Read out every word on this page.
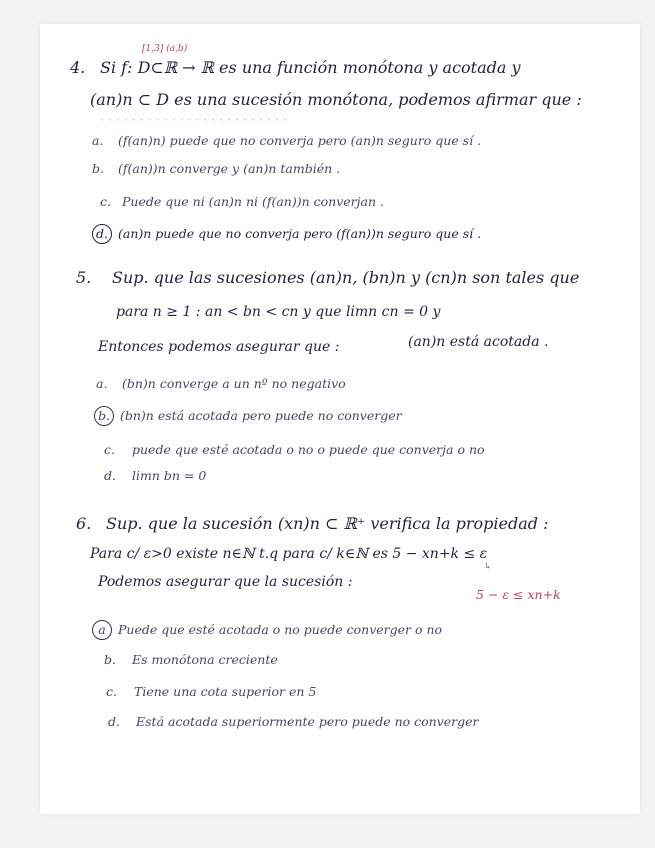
[1,3] (a,b)
4. Si f: D⊂ℝ → ℝ es una función monótona y acotada y
(an)n ⊂ D es una sucesión monótona, podemos afirmar que :
· · · · · · · · · · · · · · · · · · · · · · · ·
a. (f(an)n) puede que no converja pero (an)n seguro que sí .
b. (f(an))n converge y (an)n también .
c. Puede que ni (an)n ni (f(an))n converjan .
d. (an)n puede que no converja pero (f(an))n seguro que sí .
5. Sup. que las sucesiones (an)n, (bn)n y (cn)n son tales que
para n ≥ 1 : an < bn < cn y que limn cn = 0 y
Entonces podemos asegurar que :	(an)n está acotada .
a. (bn)n converge a un nº no negativo
b. (bn)n está acotada pero puede no converger
c. puede que esté acotada o no o puede que converja o no
d. limn bn = 0
6. Sup. que la sucesión (xn)n ⊂ ℝ⁺ verifica la propiedad :
Para c/ ε>0 existe n∈ℕ t.q para c/ k∈ℕ es 5 − xn+k ≤ ε
↳
Podemos asegurar que la sucesión :
5 − ε ≤ xn+k
a Puede que esté acotada o no puede converger o no
b. Es monótona creciente
c. Tiene una cota superior en 5
d. Está acotada superiormente pero puede no converger
